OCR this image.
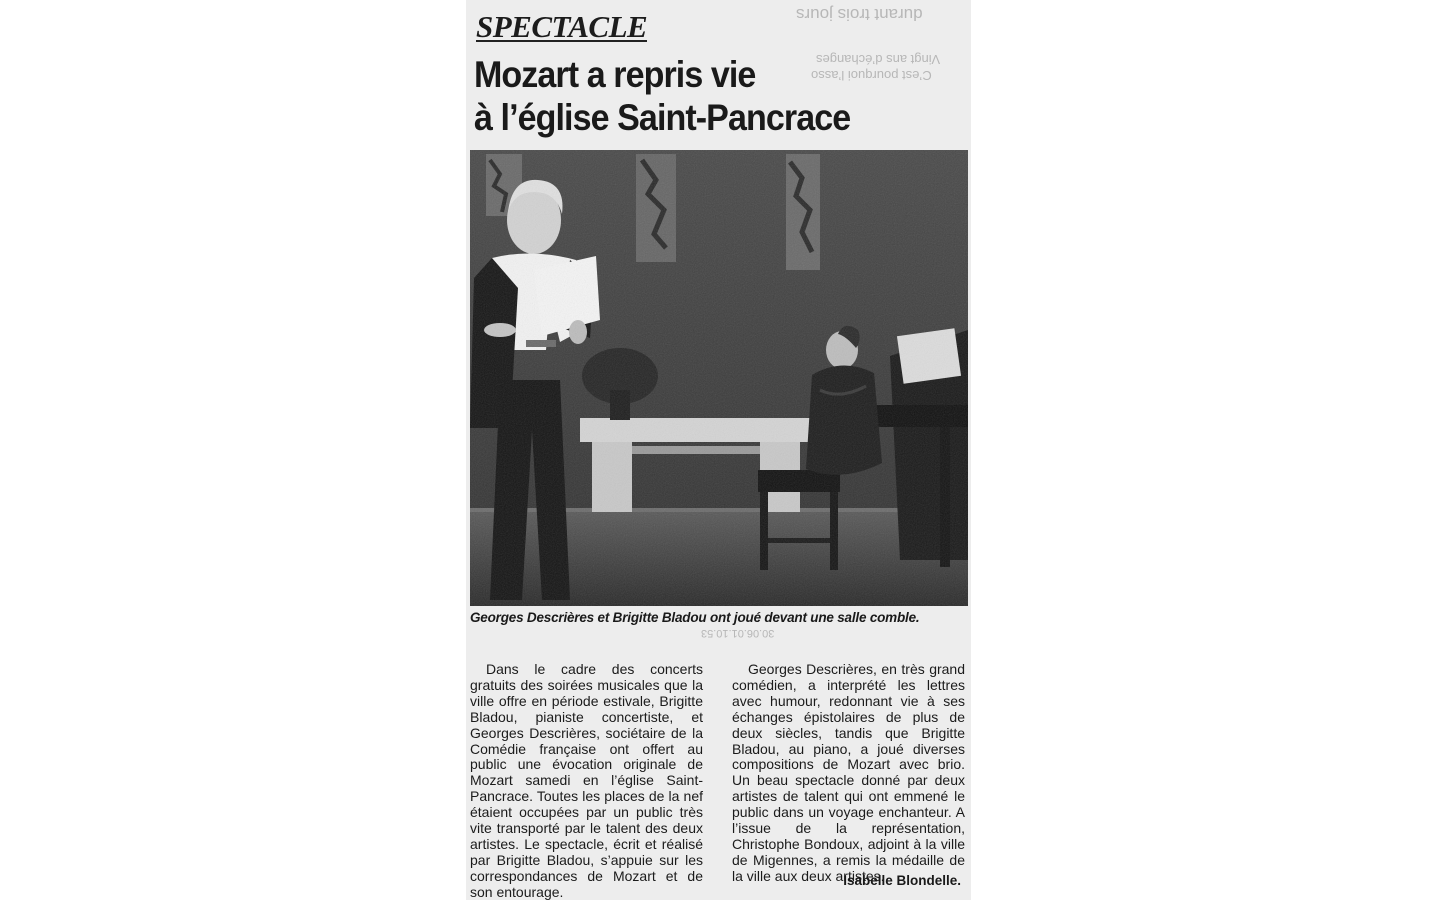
durant trois jours
Vingt ans d’échanges
C’est pourquoi l’asso
30.06.01.10.53
SPECTACLE
Mozart a repris vie
à l’église Saint-Pancrace
Georges Descrières et Brigitte Bladou ont joué devant une salle comble.

Dans le cadre des concerts gratuits des soirées musicales que la ville offre en période estivale, Brigitte Bladou, pianiste concertiste, et Georges Descrières, sociétaire de la Comédie française ont offert au public une évocation originale de Mozart samedi en l’église Saint-Pancrace. Toutes les places de la nef étaient occupées par un public très vite transporté par le talent des deux artistes. Le spectacle, écrit et réalisé par Brigitte Bladou, s’appuie sur les correspondances de Mozart et de son entourage.

Georges Descrières, en très grand comédien, a interprété les lettres avec humour, redonnant vie à ses échanges épistolaires de plus de deux siècles, tandis que Brigitte Bladou, au piano, a joué diverses compositions de Mozart avec brio. Un beau spectacle donné par deux artistes de talent qui ont emmené le public dans un voyage enchanteur. A l’issue de la représentation, Christophe Bondoux, adjoint à la ville de Migennes, a remis la médaille de la ville aux deux artistes.

Isabelle Blondelle.
